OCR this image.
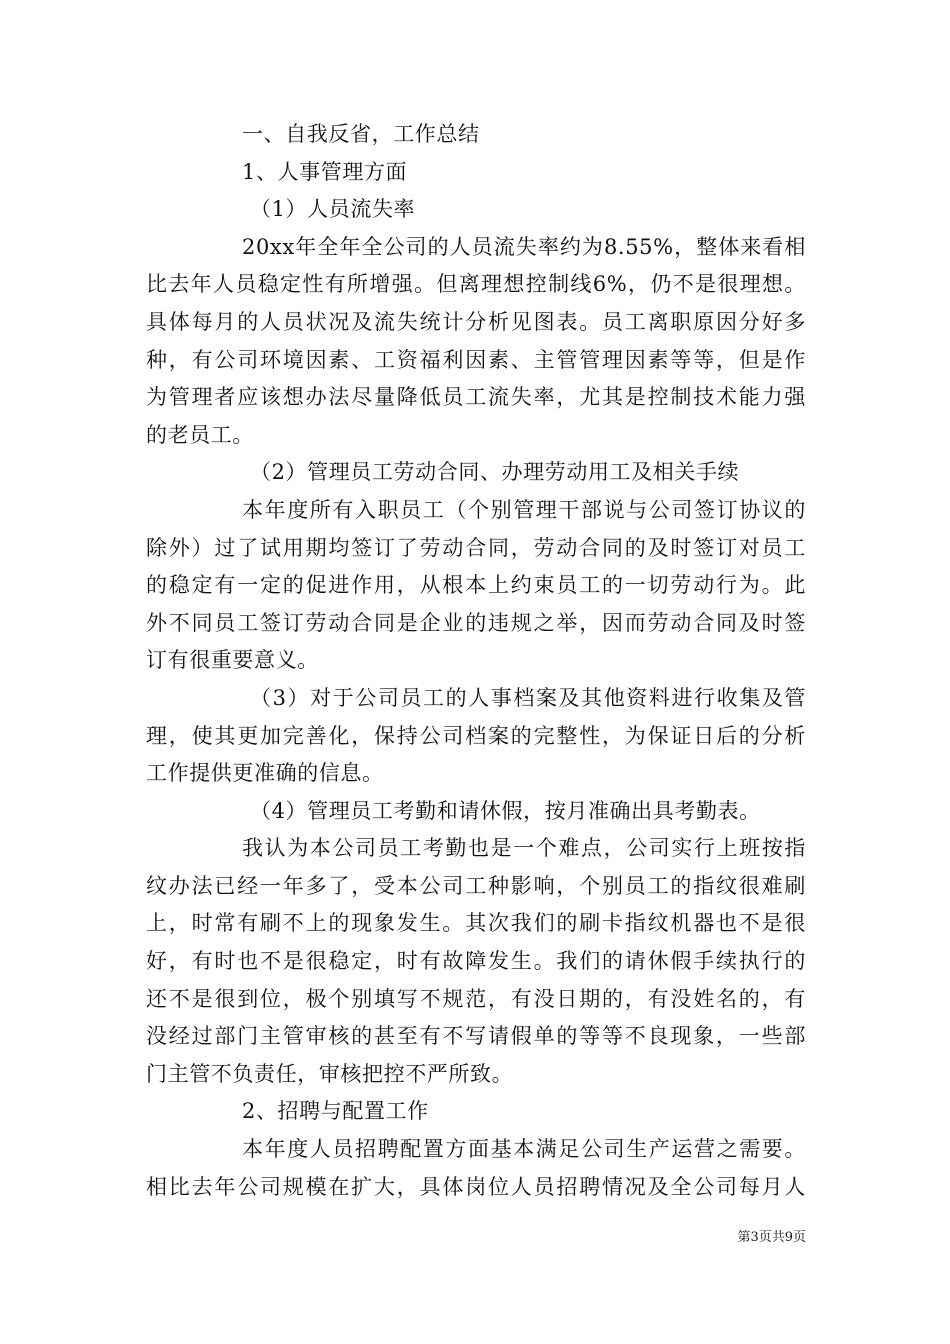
一、自我反省，工作总结
1、人事管理方面
（1）人员流失率
20xx年全年全公司的人员流失率约为8.55%，整体来看相
比去年人员稳定性有所增强。但离理想控制线6%，仍不是很理想。
具体每月的人员状况及流失统计分析见图表。员工离职原因分好多
种，有公司环境因素、工资福利因素、主管管理因素等等，但是作
为管理者应该想办法尽量降低员工流失率，尤其是控制技术能力强
的老员工。
（2）管理员工劳动合同、办理劳动用工及相关手续
本年度所有入职员工（个别管理干部说与公司签订协议的
除外）过了试用期均签订了劳动合同，劳动合同的及时签订对员工
的稳定有一定的促进作用，从根本上约束员工的一切劳动行为。此
外不同员工签订劳动合同是企业的违规之举，因而劳动合同及时签
订有很重要意义。
（3）对于公司员工的人事档案及其他资料进行收集及管
理，使其更加完善化，保持公司档案的完整性，为保证日后的分析
工作提供更准确的信息。
（4）管理员工考勤和请休假，按月准确出具考勤表。
我认为本公司员工考勤也是一个难点，公司实行上班按指
纹办法已经一年多了，受本公司工种影响，个别员工的指纹很难刷
上，时常有刷不上的现象发生。其次我们的刷卡指纹机器也不是很
好，有时也不是很稳定，时有故障发生。我们的请休假手续执行的
还不是很到位，极个别填写不规范，有没日期的，有没姓名的，有
没经过部门主管审核的甚至有不写请假单的等等不良现象，一些部
门主管不负责任，审核把控不严所致。
2、招聘与配置工作
本年度人员招聘配置方面基本满足公司生产运营之需要。
相比去年公司规模在扩大，具体岗位人员招聘情况及全公司每月人
第3页共9页
